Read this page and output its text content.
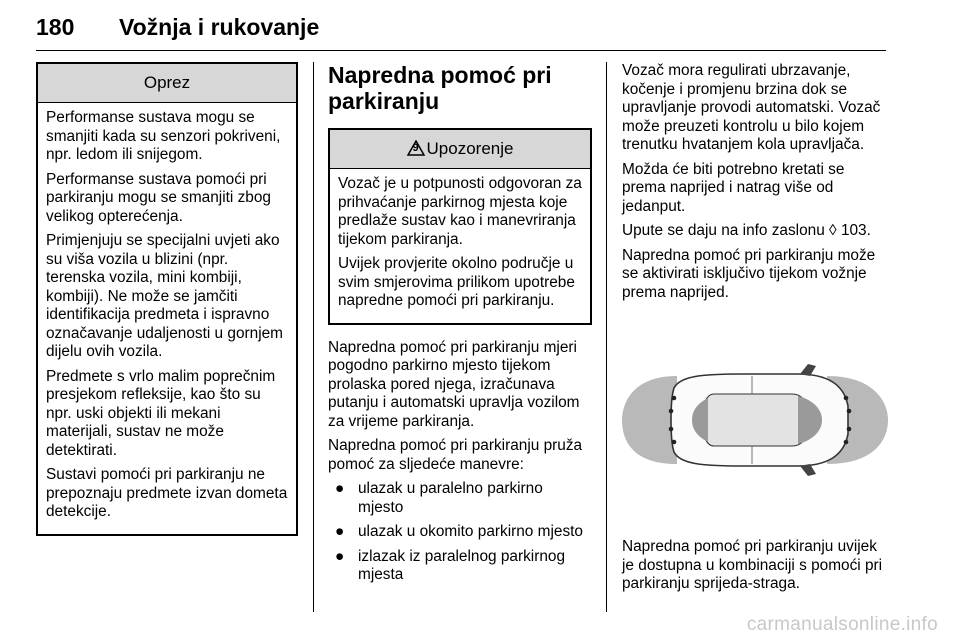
180 Vožnja i rukovanje
Oprez

Performanse sustava mogu se smanjiti kada su senzori pokriveni, npr. ledom ili snijegom.

Performanse sustava pomoći pri parkiranju mogu se smanjiti zbog velikog opterećenja.

Primjenjuju se specijalni uvjeti ako su viša vozila u blizini (npr. terenska vozila, mini kombiji, kombiji). Ne može se jamčiti identifikacija predmeta i ispravno označavanje udaljenosti u gornjem dijelu ovih vozila.

Predmete s vrlo malim poprečnim presjekom refleksije, kao što su npr. uski objekti ili mekani materijali, sustav ne može detektirati.

Sustavi pomoći pri parkiranju ne prepoznaju predmete izvan dometa detekcije.

Napredna pomoć pri parkiranju
9 Upozorenje

Vozač je u potpunosti odgovoran za prihvaćanje parkirnog mjesta koje predlaže sustav kao i manevriranja tijekom parkiranja.

Uvijek provjerite okolno područje u svim smjerovima prilikom upotrebe napredne pomoći pri parkiranju.

Napredna pomoć pri parkiranju mjeri pogodno parkirno mjesto tijekom prolaska pored njega, izračunava putanju i automatski upravlja vozilom za vrijeme parkiranja.

Napredna pomoć pri parkiranju pruža pomoć za sljedeće manevre:

● ulazak u paralelno parkirno mjesto
● ulazak u okomito parkirno mjesto
● izlazak iz paralelnog parkirnog mjesta

Vozač mora regulirati ubrzavanje, kočenje i promjenu brzina dok se upravljanje provodi automatski. Vozač može preuzeti kontrolu u bilo kojem trenutku hvatanjem kola upravljača.

Možda će biti potrebno kretati se prema naprijed i natrag više od jedanput.

Upute se daju na info zaslonu ◊ 103.

Napredna pomoć pri parkiranju može se aktivirati isključivo tijekom vožnje prema naprijed.

Napredna pomoć pri parkiranju uvijek je dostupna u kombinaciji s pomoći pri parkiranju sprijeda-straga.

carmanualsonline.info
